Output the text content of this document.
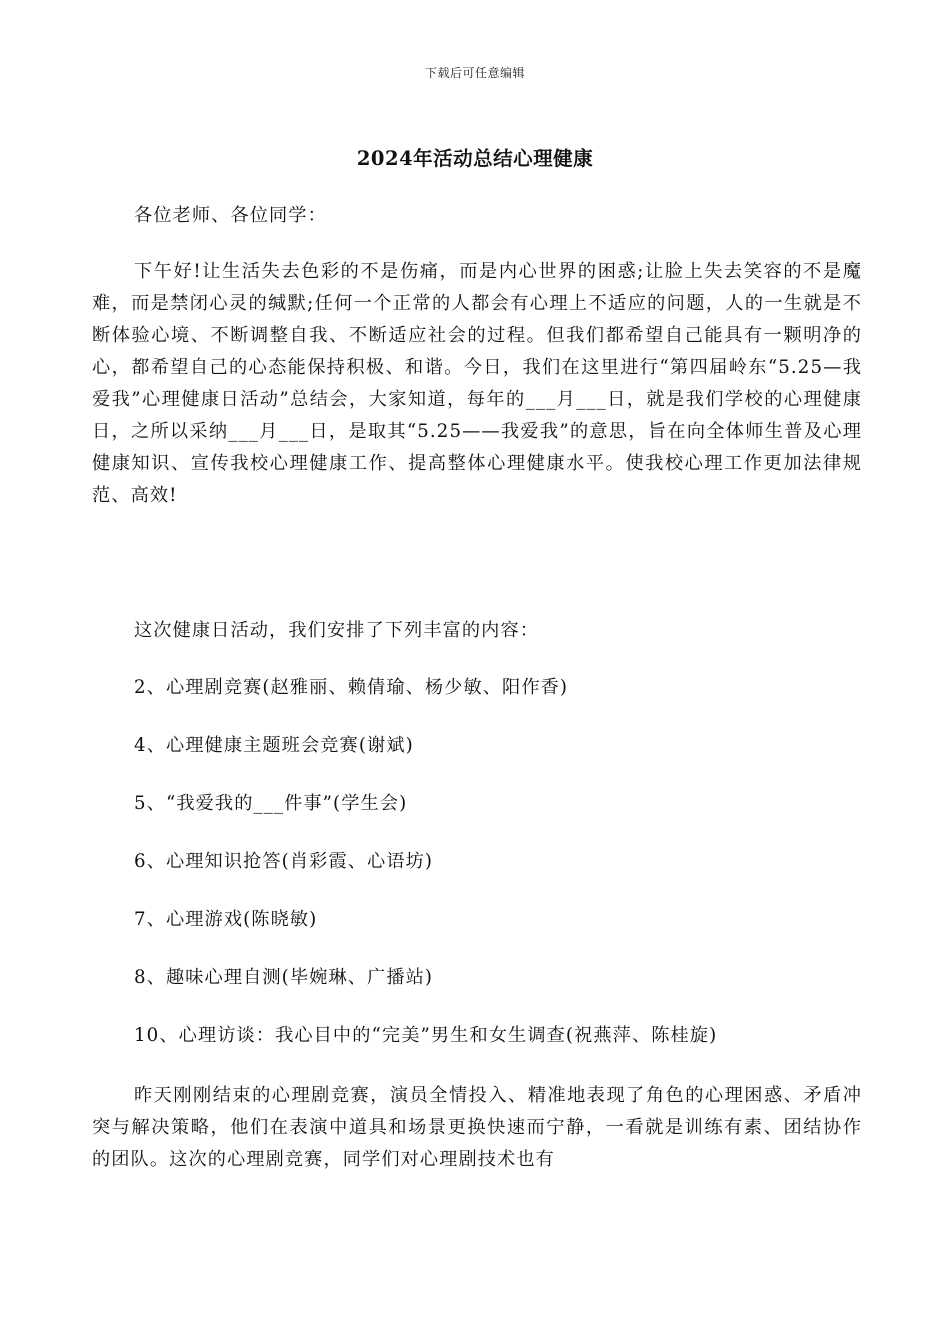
下载后可任意编辑
2024年活动总结心理健康
各位老师、各位同学：
下午好!让生活失去色彩的不是伤痛，而是内心世界的困惑;让脸上失去笑容的不是魔难，而是禁闭心灵的缄默;任何一个正常的人都会有心理上不适应的问题，人的一生就是不断体验心境、不断调整自我、不断适应社会的过程。但我们都希望自己能具有一颗明净的心，都希望自己的心态能保持积极、和谐。今日，我们在这里进行“第四届岭东“5.25—我爱我”心理健康日活动”总结会，大家知道，每年的___月___日，就是我们学校的心理健康日，之所以采纳___月___日，是取其“5.25——我爱我”的意思，旨在向全体师生普及心理健康知识、宣传我校心理健康工作、提高整体心理健康水平。使我校心理工作更加法律规范、高效!
这次健康日活动，我们安排了下列丰富的内容：
2、心理剧竞赛(赵雅丽、赖倩瑜、杨少敏、阳作香)
4、心理健康主题班会竞赛(谢斌)
5、“我爱我的___件事”(学生会)
6、心理知识抢答(肖彩霞、心语坊)
7、心理游戏(陈晓敏)
8、趣味心理自测(毕婉琳、广播站)
10、心理访谈：我心目中的“完美”男生和女生调查(祝燕萍、陈桂旋)
昨天刚刚结束的心理剧竞赛，演员全情投入、精准地表现了角色的心理困惑、矛盾冲突与解决策略，他们在表演中道具和场景更换快速而宁静，一看就是训练有素、团结协作的团队。这次的心理剧竞赛，同学们对心理剧技术也有
